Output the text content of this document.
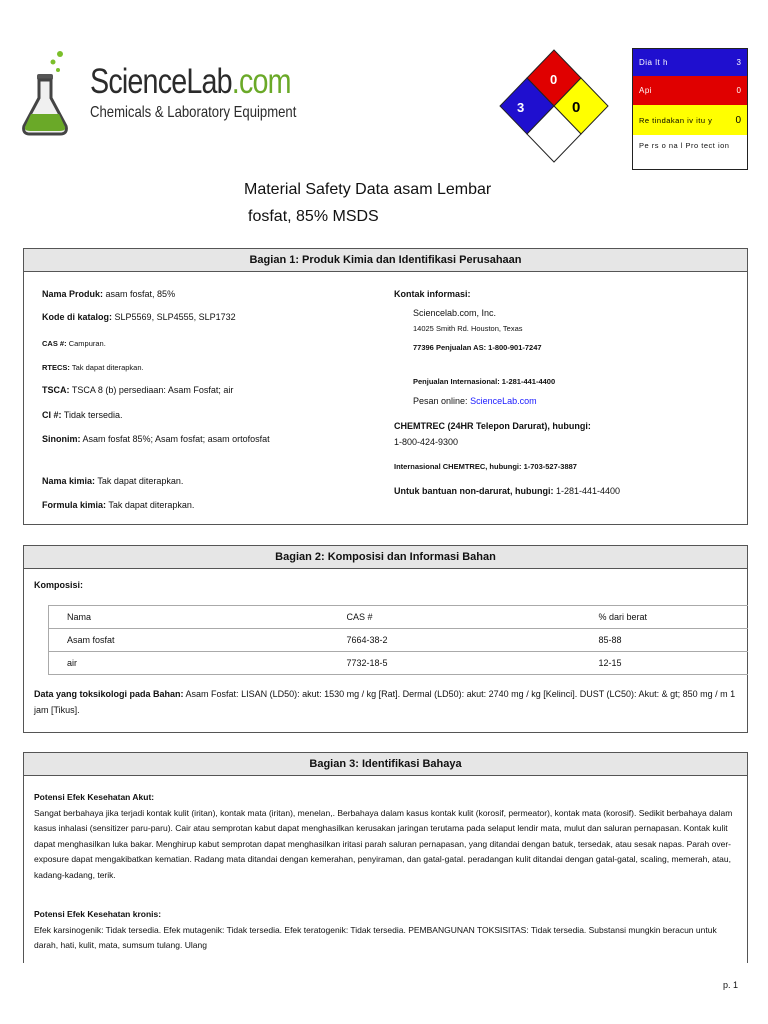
ScienceLab.com
Chemicals & Laboratory Equipment
0
3	0
Dia lt h	3
Api	0
Re tindakan iv itu y	0
Pe rs o na l Pro tect ion
Material Safety Data asam Lembar
fosfat, 85% MSDS
Bagian 1: Produk Kimia dan Identifikasi Perusahaan
Nama Produk: asam fosfat, 85%
Kode di katalog: SLP5569, SLP4555, SLP1732
CAS #: Campuran.
RTECS: Tak dapat diterapkan.
TSCA: TSCA 8 (b) persediaan: Asam Fosfat; air
CI #: Tidak tersedia.
Sinonim: Asam fosfat 85%; Asam fosfat; asam ortofosfat
Nama kimia: Tak dapat diterapkan.
Formula kimia: Tak dapat diterapkan.
Kontak informasi:
Sciencelab.com, Inc.
14025 Smith Rd. Houston, Texas
77396 Penjualan AS: 1-800-901-7247
Penjualan Internasional: 1-281-441-4400
Pesan online: ScienceLab.com
CHEMTREC (24HR Telepon Darurat), hubungi:
1-800-424-9300
Internasional CHEMTREC, hubungi: 1-703-527-3887
Untuk bantuan non-darurat, hubungi: 1-281-441-4400
Bagian 2: Komposisi dan Informasi Bahan
Komposisi:
Nama	CAS #	% dari berat
Asam fosfat	7664-38-2	85-88
air	7732-18-5	12-15
Data yang toksikologi pada Bahan: Asam Fosfat: LISAN (LD50): akut: 1530 mg / kg [Rat]. Dermal (LD50): akut: 2740 mg / kg [Kelinci]. DUST (LC50): Akut: & gt; 850 mg / m 1 jam [Tikus].
Bagian 3: Identifikasi Bahaya
Potensi Efek Kesehatan Akut:
Sangat berbahaya jika terjadi kontak kulit (iritan), kontak mata (iritan), menelan,. Berbahaya dalam kasus kontak kulit (korosif, permeator), kontak mata (korosif). Sedikit berbahaya dalam kasus inhalasi (sensitizer paru-paru). Cair atau semprotan kabut dapat menghasilkan kerusakan jaringan terutama pada selaput lendir mata, mulut dan saluran pernapasan. Kontak kulit dapat menghasilkan luka bakar. Menghirup kabut semprotan dapat menghasilkan iritasi parah saluran pernapasan, yang ditandai dengan batuk, tersedak, atau sesak napas. Parah over-exposure dapat mengakibatkan kematian. Radang mata ditandai dengan kemerahan, penyiraman, dan gatal-gatal. peradangan kulit ditandai dengan gatal-gatal, scaling, memerah, atau, kadang-kadang, terik.
Potensi Efek Kesehatan kronis:
Efek karsinogenik: Tidak tersedia. Efek mutagenik: Tidak tersedia. Efek teratogenik: Tidak tersedia. PEMBANGUNAN TOKSISITAS: Tidak tersedia. Substansi mungkin beracun untuk darah, hati, kulit, mata, sumsum tulang. Ulang
p. 1
